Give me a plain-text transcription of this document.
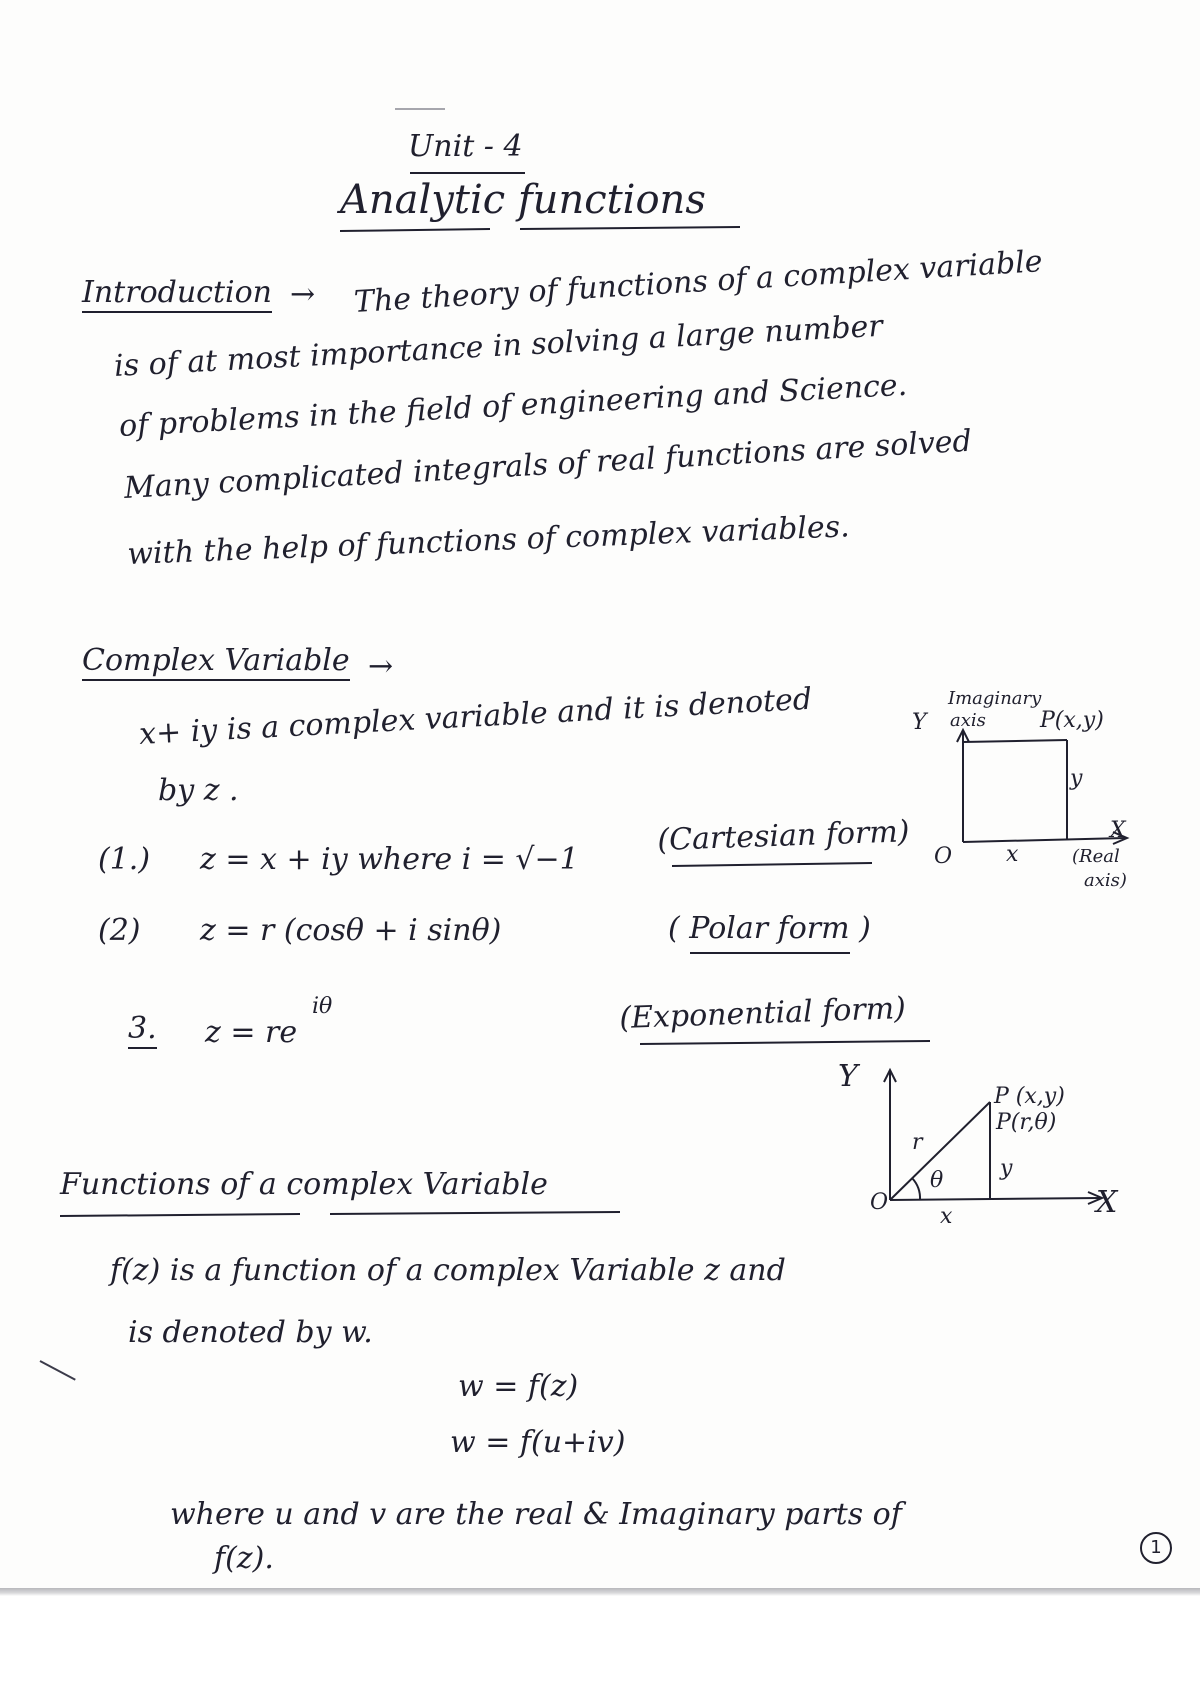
Unit - 4
Analytic functions
Introduction → The theory of functions of a complex variable
is of at most importance in solving a large number
of problems in the field of engineering and Science.
Many complicated integrals of real functions are solved
with the help of functions of complex variables.
Complex Variable →
x+ iy is a complex variable and it is denoted
by z .
(1.) z = x + iy where i = √−1
(Cartesian form)
(2) z = r (cosθ + i sinθ)	( Polar form )
3. z = re
iθ	(Exponential form)
Y
Imaginary
axis P(x,y)
y
O x
X
(Real
axis)
Y
P (x,y)
P(r,θ)
r
θ	y
O
x	X
Functions of a complex Variable
f(z) is a function of a complex Variable z and
is denoted by w.
w = f(z)
w = f(u+iv)
where u and v are the real & Imaginary parts of
f(z).	1
